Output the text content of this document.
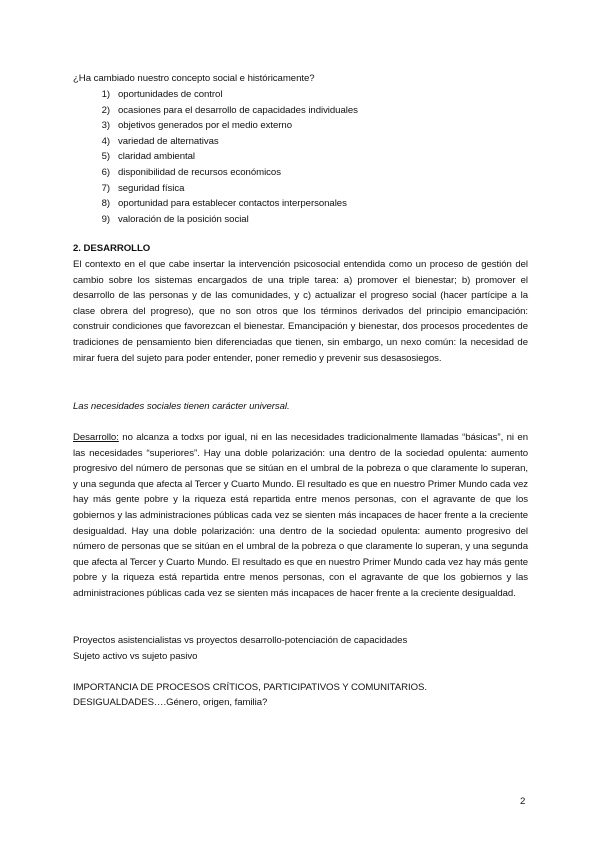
¿Ha cambiado nuestro concepto social e históricamente?
1) oportunidades de control
2) ocasiones para el desarrollo de capacidades individuales
3) objetivos generados por el medio externo
4) variedad de alternativas
5) claridad ambiental
6) disponibilidad de recursos económicos
7) seguridad física
8) oportunidad para establecer contactos interpersonales
9) valoración de la posición social
2. DESARROLLO

El contexto en el que cabe insertar la intervención psicosocial entendida como un proceso de gestión del cambio sobre los sistemas encargados de una triple tarea: a) promover el bienestar; b) promover el desarrollo de las personas y de las comunidades, y c) actualizar el progreso social (hacer partícipe a la clase obrera del progreso), que no son otros que los términos derivados del principio emancipación: construir condiciones que favorezcan el bienestar. Emancipación y bienestar, dos procesos procedentes de tradiciones de pensamiento bien diferenciadas que tienen, sin embargo, un nexo común: la necesidad de mirar fuera del sujeto para poder entender, poner remedio y prevenir sus desasosiegos.

Las necesidades sociales tienen carácter universal.

Desarrollo: no alcanza a todxs por igual, ni en las necesidades tradicionalmente llamadas “básicas”, ni en las necesidades “superiores”. Hay una doble polarización: una dentro de la sociedad opulenta: aumento progresivo del número de personas que se sitúan en el umbral de la pobreza o que claramente lo superan, y una segunda que afecta al Tercer y Cuarto Mundo. El resultado es que en nuestro Primer Mundo cada vez hay más gente pobre y la riqueza está repartida entre menos personas, con el agravante de que los gobiernos y las administraciones públicas cada vez se sienten más incapaces de hacer frente a la creciente desigualdad. Hay una doble polarización: una dentro de la sociedad opulenta: aumento progresivo del número de personas que se sitúan en el umbral de la pobreza o que claramente lo superan, y una segunda que afecta al Tercer y Cuarto Mundo. El resultado es que en nuestro Primer Mundo cada vez hay más gente pobre y la riqueza está repartida entre menos personas, con el agravante de que los gobiernos y las administraciones públicas cada vez se sienten más incapaces de hacer frente a la creciente desigualdad.

Proyectos asistencialistas vs proyectos desarrollo-potenciación de capacidades
Sujeto activo vs sujeto pasivo
IMPORTANCIA DE PROCESOS CRÍTICOS, PARTICIPATIVOS Y COMUNITARIOS.
DESIGUALDADES….Género, origen, familia?
2
